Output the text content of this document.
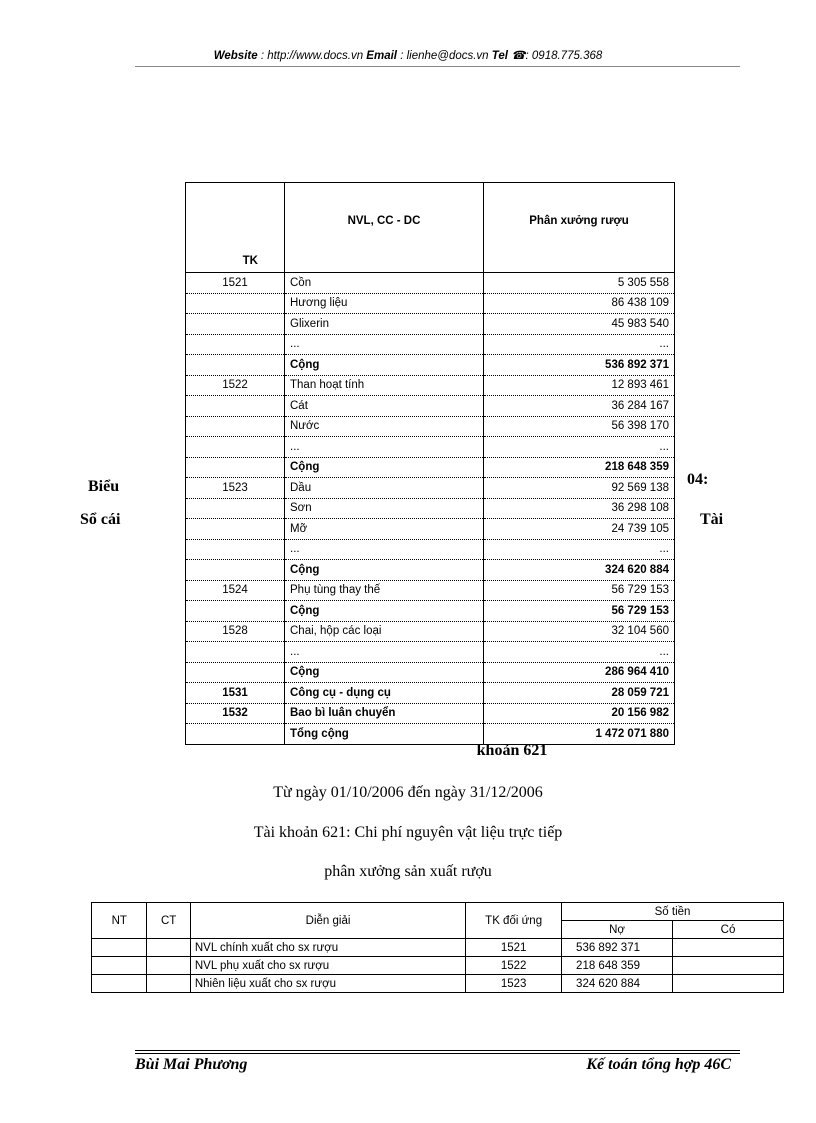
Website : http://www.docs.vn Email : lienhe@docs.vn Tel ☎: 0918.775.368
TK	NVL, CC - DC	Phân xưởng rượu
1521	Cồn	5 305 558
	Hương liệu	86 438 109
	Glixerin	45 983 540
	...	...
	Cộng	536 892 371
1522	Than hoạt tính	12 893 461
	Cát	36 284 167
	Nước	56 398 170
	...	...
	Cộng	218 648 359
1523	Dầu	92 569 138
	Sơn	36 298 108
	Mỡ	24 739 105
	...	...
	Cộng	324 620 884
1524	Phụ tùng thay thế	56 729 153
	Cộng	56 729 153
1528	Chai, hộp các loại	32 104 560
	...	...
	Cộng	286 964 410
1531	Công cụ - dụng cụ	28 059 721
1532	Bao bì luân chuyển	20 156 982
	Tổng cộng	1 472 071 880
Biểu
Sổ cái
04:
Tài
khoản 621
Từ ngày 01/10/2006 đến ngày 31/12/2006
Tài khoản 621: Chi phí nguyên vật liệu trực tiếp
phân xưởng sản xuất rượu
NT	CT	Diễn giải	TK đối ứng	Số tiền	
				Nợ	Có
		NVL chính xuất cho sx rượu	1521	536 892 371	
		NVL phụ xuất cho sx rượu	1522	218 648 359	
		Nhiên liệu xuất cho sx rượu	1523	324 620 884	
Bùi Mai Phương	Kế toán tổng hợp 46C
